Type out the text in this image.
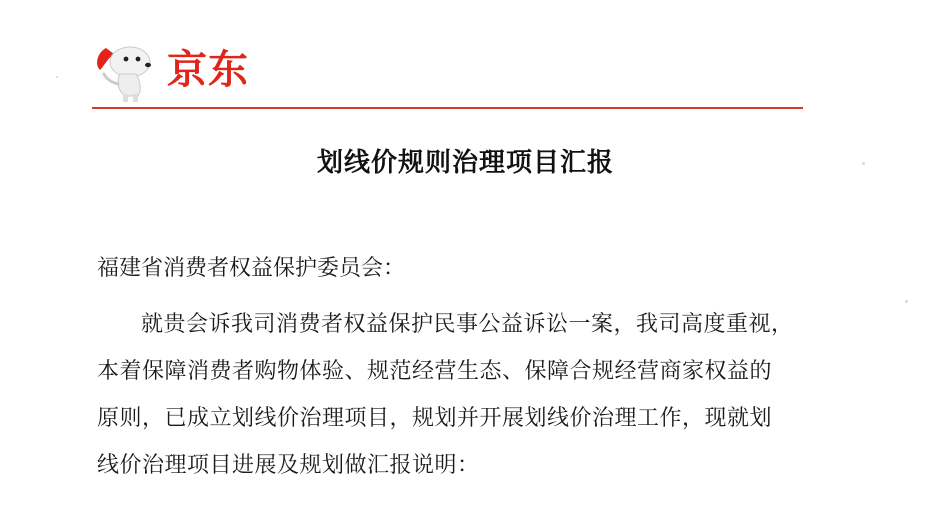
京东
划线价规则治理项目汇报
福建省消费者权益保护委员会：
就贵会诉我司消费者权益保护民事公益诉讼一案，我司高度重视，
本着保障消费者购物体验、规范经营生态、保障合规经营商家权益的
原则，已成立划线价治理项目，规划并开展划线价治理工作，现就划
线价治理项目进展及规划做汇报说明：
